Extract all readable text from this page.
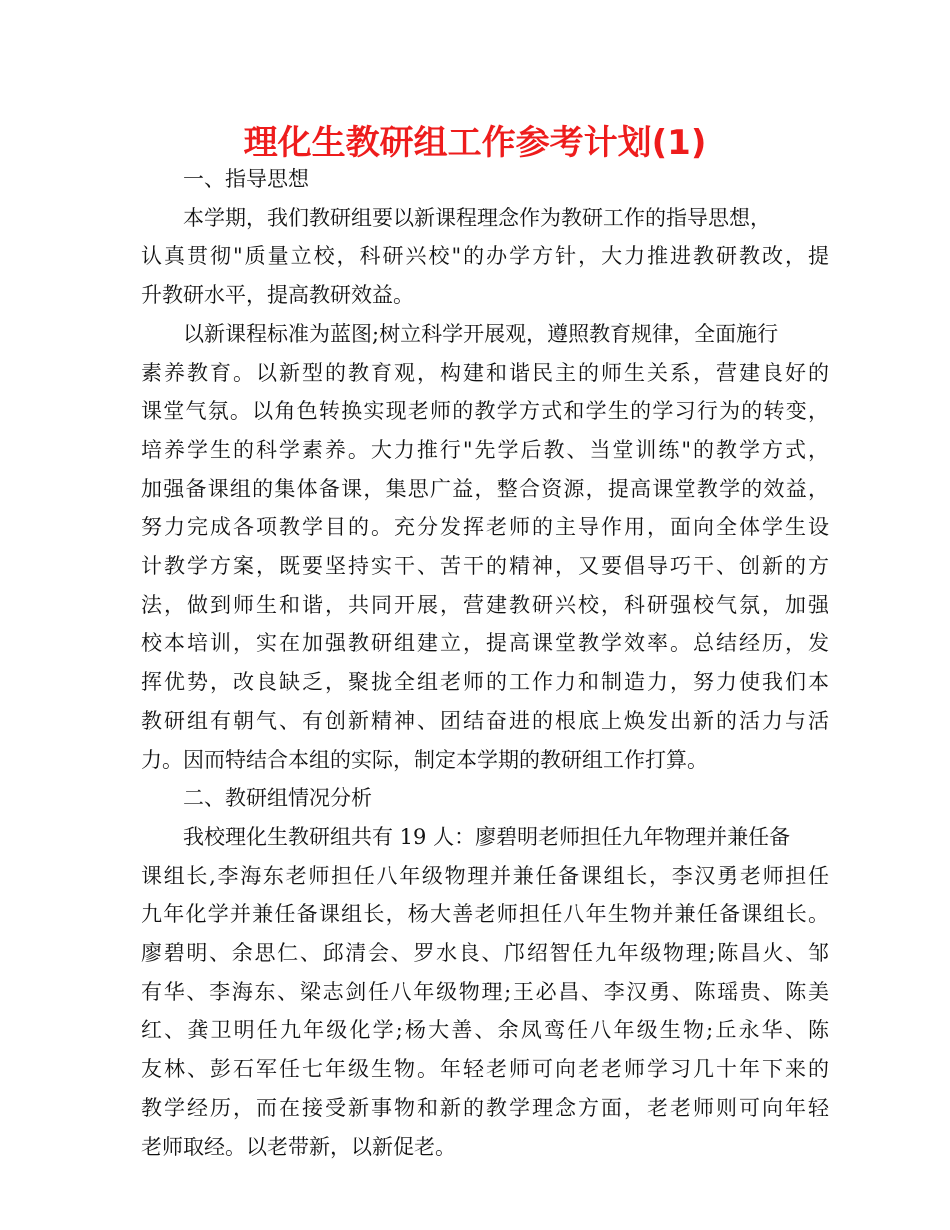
理化生教研组工作参考计划(1)
一、指导思想
本学期，我们教研组要以新课程理念作为教研工作的指导思想，
认真贯彻"质量立校，科研兴校"的办学方针，大力推进教研教改，提
升教研水平，提高教研效益。
以新课程标准为蓝图;树立科学开展观，遵照教育规律，全面施行
素养教育。以新型的教育观，构建和谐民主的师生关系，营建良好的
课堂气氛。以角色转换实现老师的教学方式和学生的学习行为的转变，
培养学生的科学素养。大力推行"先学后教、当堂训练"的教学方式，
加强备课组的集体备课，集思广益，整合资源，提高课堂教学的效益，
努力完成各项教学目的。充分发挥老师的主导作用，面向全体学生设
计教学方案，既要坚持实干、苦干的精神，又要倡导巧干、创新的方
法，做到师生和谐，共同开展，营建教研兴校，科研强校气氛，加强
校本培训，实在加强教研组建立，提高课堂教学效率。总结经历，发
挥优势，改良缺乏，聚拢全组老师的工作力和制造力，努力使我们本
教研组有朝气、有创新精神、团结奋进的根底上焕发出新的活力与活
力。因而特结合本组的实际，制定本学期的教研组工作打算。
二、教研组情况分析
我校理化生教研组共有 19 人：廖碧明老师担任九年物理并兼任备
课组长,李海东老师担任八年级物理并兼任备课组长，李汉勇老师担任
九年化学并兼任备课组长，杨大善老师担任八年生物并兼任备课组长。
廖碧明、余思仁、邱清会、罗水良、邝绍智任九年级物理;陈昌火、邹
有华、李海东、梁志剑任八年级物理;王必昌、李汉勇、陈瑶贵、陈美
红、龚卫明任九年级化学;杨大善、余凤鸾任八年级生物;丘永华、陈
友林、彭石军任七年级生物。年轻老师可向老老师学习几十年下来的
教学经历，而在接受新事物和新的教学理念方面，老老师则可向年轻
老师取经。以老带新，以新促老。
